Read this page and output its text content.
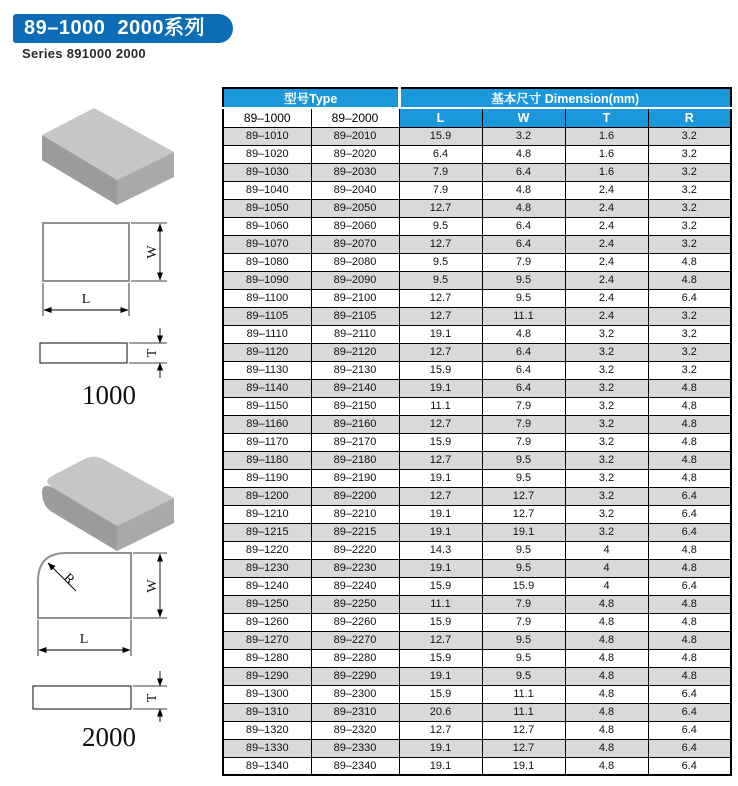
89–1000  2000系列
Series 891000 2000
W
L
T
1000
R	W
L
T
2000
型号Type		基本尺寸 Dimension(mm)			
89–1000	89–2000	L	W	T	R
89–1010	89–2010	15.9	3.2	1.6	3.2
89–1020	89–2020	6.4	4.8	1.6	3.2
89–1030	89–2030	7.9	6.4	1.6	3.2
89–1040	89–2040	7.9	4.8	2.4	3.2
89–1050	89–2050	12.7	4.8	2.4	3.2
89–1060	89–2060	9.5	6.4	2.4	3.2
89–1070	89–2070	12.7	6.4	2.4	3.2
89–1080	89–2080	9.5	7.9	2.4	4.8
89–1090	89–2090	9.5	9.5	2.4	4.8
89–1100	89–2100	12.7	9.5	2.4	6.4
89–1105	89–2105	12.7	11.1	2.4	3.2
89–1110	89–2110	19.1	4.8	3.2	3.2
89–1120	89–2120	12.7	6.4	3.2	3.2
89–1130	89–2130	15.9	6.4	3.2	3.2
89–1140	89–2140	19.1	6.4	3.2	4.8
89–1150	89–2150	11.1	7.9	3.2	4.8
89–1160	89–2160	12.7	7.9	3.2	4.8
89–1170	89–2170	15.9	7.9	3.2	4.8
89–1180	89–2180	12.7	9.5	3.2	4.8
89–1190	89–2190	19.1	9.5	3.2	4.8
89–1200	89–2200	12.7	12.7	3.2	6.4
89–1210	89–2210	19.1	12.7	3.2	6.4
89–1215	89–2215	19.1	19.1	3.2	6.4
89–1220	89–2220	14.3	9.5	4	4.8
89–1230	89–2230	19.1	9.5	4	4.8
89–1240	89–2240	15.9	15.9	4	6.4
89–1250	89–2250	11.1	7.9	4.8	4.8
89–1260	89–2260	15.9	7.9	4.8	4.8
89–1270	89–2270	12.7	9.5	4.8	4.8
89–1280	89–2280	15.9	9.5	4.8	4.8
89–1290	89–2290	19.1	9.5	4.8	4.8
89–1300	89–2300	15.9	11.1	4.8	6.4
89–1310	89–2310	20.6	11.1	4.8	6.4
89–1320	89–2320	12.7	12.7	4.8	6.4
89–1330	89–2330	19.1	12.7	4.8	6.4
89–1340	89–2340	19.1	19.1	4.8	6.4
